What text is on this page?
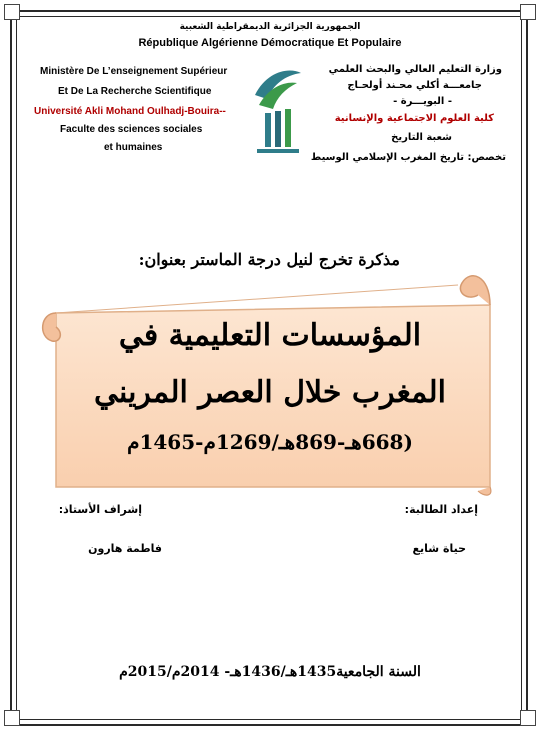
الجمهورية الجزائرية الديمقراطية الشعبية
République Algérienne Démocratique Et Populaire
Ministère De L’enseignement Supérieur
Et De La Recherche Scientifique
Université Akli Mohand Oulhadj-Bouira--
Faculte des sciences sociales
et humaines
وزارة التعليم العالي والبحث العلمي
جامعـــة أكلي محـند أولحـاج
- البويـــرة -
كلية العلوم الاجتماعية والإنسانية
شعبة التاريخ
تخصص: تاريخ المغرب الإسلامي الوسيط
مذكرة تخرج لنيل درجة الماستر بعنوان:
المؤسسات التعليمية في
المغرب خلال العصر المريني
(668هـ-869هـ/1269م-1465م
إعداد الطالبة:
إشراف الأستاذ:
حياة شايع
فاطمة هارون
السنة الجامعية1435هـ/1436هـ- 2014م/2015م
